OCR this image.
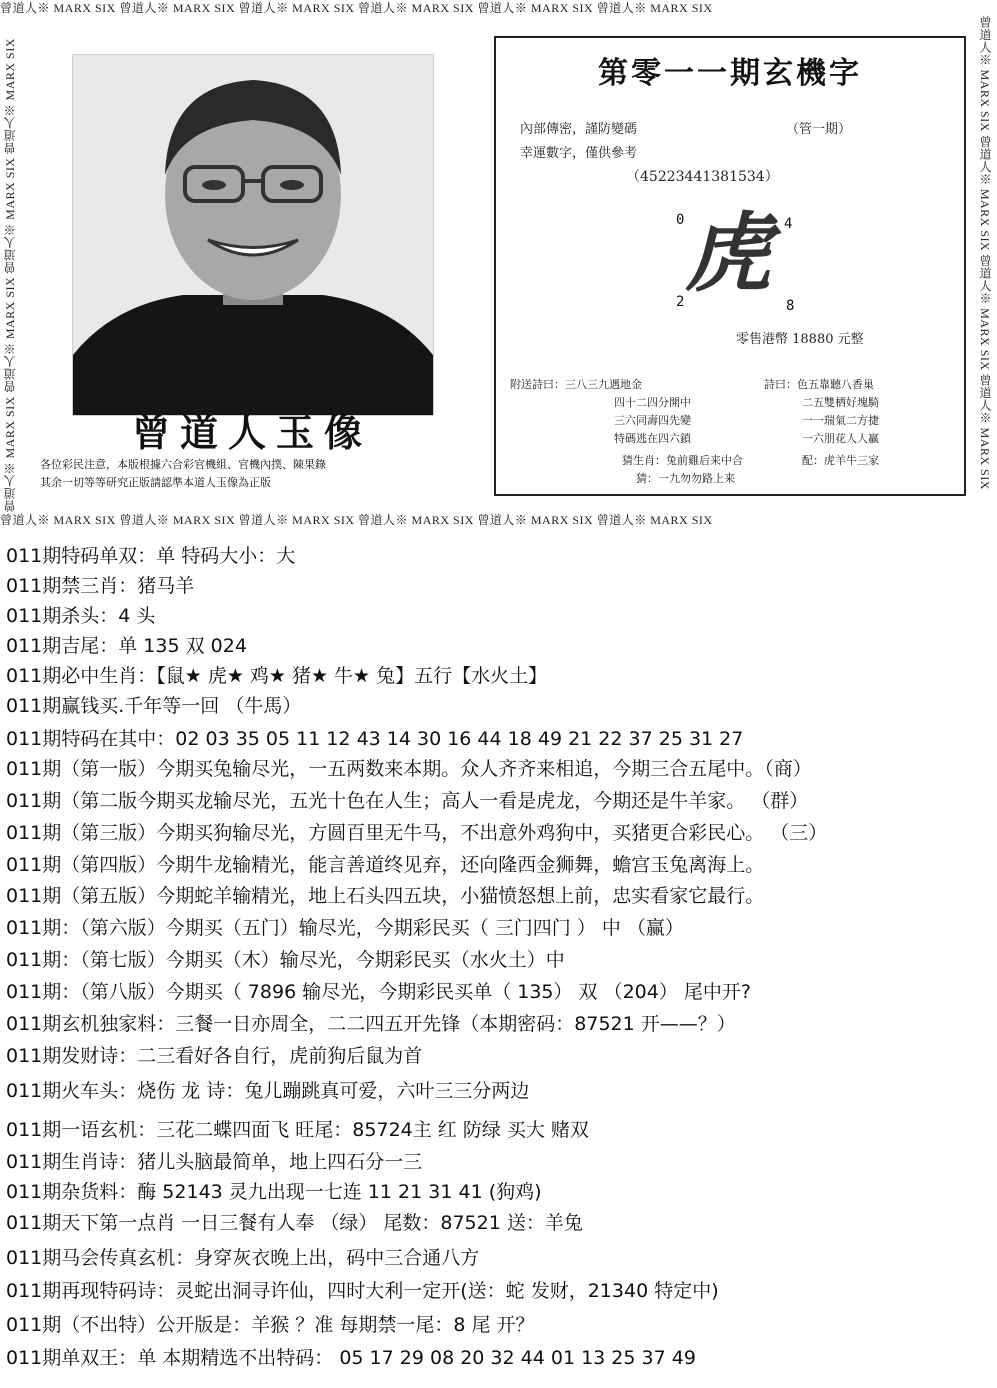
曾道人※ MARX SIX 曾道人※ MARX SIX 曾道人※ MARX SIX 曾道人※ MARX SIX 曾道人※ MARX SIX 曾道人※ MARX SIX
曾道人※ MARX SIX 曾道人※ MARX SIX 曾道人※ MARX SIX 曾道人※ MARX SIX 曾道人※ MARX SIX 曾道人※ MARX SIX
曾道人※ MARX SIX 曾道人※ MARX SIX 曾道人※ MARX SIX 曾道人※ MARX SIX	曾道人※ MARX SIX 曾道人※ MARX SIX 曾道人※ MARX SIX 曾道人※ MARX SIX
曾道人玉像
各位彩民注意，本版根據六合彩官機組、官機內撲、陳果錄
其余一切等等研究正版請認準本道人玉像為正版
第零一一期玄機字
內部傳密，謹防變碼	（管一期）
幸運數字，僅供參考
（45223441381534）
0	4
2	8
虎
零售港幣 18880 元整
附送詩曰：三八三九遇地金
四十二四分開中
三六同壽四先變
特碼逃在四六鎖
詩曰：色五靠聽八香巢
二五雙栖好塊騎
一一瑞氣二方捷
一六朋花人人贏
猜生肖：兔前雞后来中合
猜：一九勿勿路上来
配：虎羊牛三家
011期特码单双：单 特码大小：大
011期禁三肖：猪马羊
011期杀头：4 头
011期吉尾：单 135 双 024
011期必中生肖：【鼠★ 虎★ 鸡★ 猪★ 牛★ 兔】五行【水火土】
011期赢钱买.千年等一回 （牛馬）
011期特码在其中：02 03 35 05 11 12 43 14 30 16 44 18 49 21 22 37 25 31 27
011期（第一版）今期买兔输尽光，一五两数来本期。众人齐齐来相追，今期三合五尾中。（商）
011期（第二版今期买龙输尽光，五光十色在人生；高人一看是虎龙，今期还是牛羊家。 （群）
011期（第三版）今期买狗输尽光，方圆百里无牛马，不出意外鸡狗中，买猪更合彩民心。 （三）
011期（第四版）今期牛龙输精光，能言善道终见弃，还向隆西金狮舞，蟾宫玉兔离海上。
011期（第五版）今期蛇羊输精光，地上石头四五块，小猫愤怒想上前，忠实看家它最行。
011期：（第六版）今期买（五门）输尽光，今期彩民买（ 三门四门 ） 中 （赢）
011期：（第七版）今期买（木）输尽光，今期彩民买（水火土）中
011期：（第八版）今期买（ 7896 输尽光，今期彩民买单（ 135） 双 （204） 尾中开?
011期玄机独家料：三餐一日亦周全，二二四五开先锋（本期密码：87521 开——？）
011期发财诗：二三看好各自行，虎前狗后鼠为首
011期火车头：烧伤 龙 诗：兔儿蹦跳真可爱，六叶三三分两边
011期一语玄机：三花二蝶四面飞 旺尾：85724主 红 防绿 买大 赌双
011期生肖诗：猪儿头脑最简单，地上四石分一三
011期杂货料：酶 52143 灵九出现一七连 11 21 31 41 (狗鸡)
011期天下第一点肖 一日三餐有人奉 （绿） 尾数：87521 送：羊兔
011期马会传真玄机：身穿灰衣晚上出，码中三合通八方
011期再现特码诗：灵蛇出洞寻许仙，四时大利一定开(送：蛇 发财，21340 特定中)
011期（不出特）公开版是：羊猴 ？准 每期禁一尾：8 尾 开？
011期单双王：单 本期精选不出特码： 05 17 29 08 20 32 44 01 13 25 37 49
